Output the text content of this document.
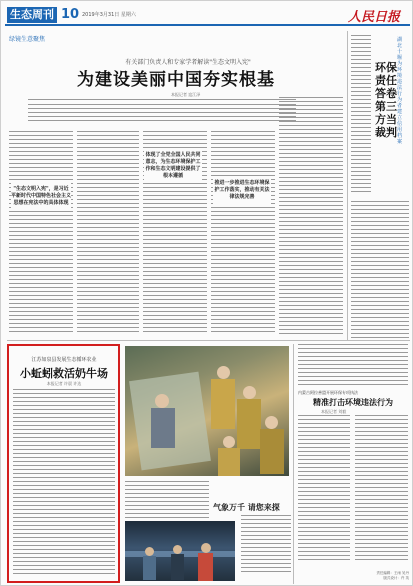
生态周刊 10 2019年3月31日 星期六	人民日报
绿镜生意聚焦
有关部门负责人和专家学者解读"生态文明入宪"
为建设美丽中国夯实根基
本报记者 寇江泽
"生态文明入宪"，是习近平新时代中国特色社会主义思想在宪法中的具体体现
体现了全党全国人民共同意志，为生态环境保护工作和生态文明建设提供了根本遵循
推进一步推进生态环境保护工作落实，推动有关法律法规完善
湖北十堰为环境违法行为者建立信用档案
环保责任答卷 第三方当裁判
江苏如泉县发展生态循环农业
小蚯蚓救活奶牛场
本报记者 许晨 许达
气象万千 请您来探
内蒙古阿拉善盟开展环保专项执法
精准打击环境违法行为
本报记者 刘毅
责任编辑：王雨 吴丹
版式设计：许 英
